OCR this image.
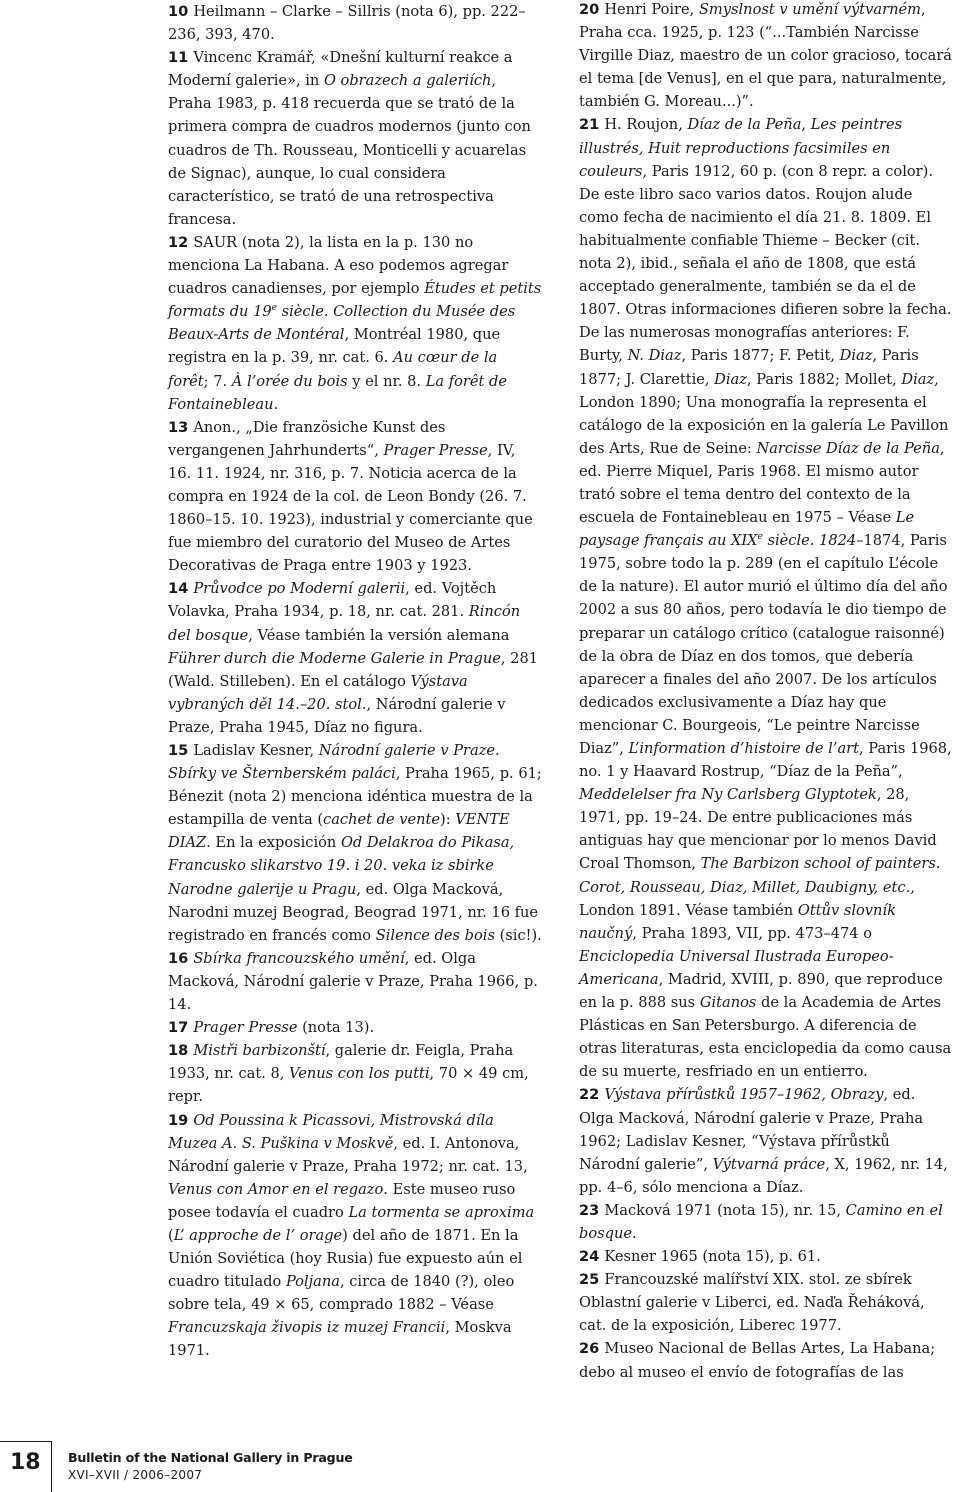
10 Heilmann – Clarke – Sillris (nota 6), pp. 222–236, 393, 470.

11 Vincenc Kramář, «Dnešní kulturní reakce a Moderní galerie», in O obrazech a galeriích, Praha 1983, p. 418 recuerda que se trató de la primera compra de cuadros modernos (junto con cuadros de Th. Rousseau, Monticelli y acuarelas de Signac), aunque, lo cual considera característico, se trató de una retrospectiva francesa.

12 SAUR (nota 2), la lista en la p. 130 no menciona La Habana. A eso podemos agregar cuadros canadienses, por ejemplo Études et petits formats du 19e siècle. Collection du Musée des Beaux-Arts de Montéral, Montréal 1980, que registra en la p. 39, nr. cat. 6. Au cœur de la forêt; 7. À l’orée du bois y el nr. 8. La forêt de Fontainebleau.

13 Anon., „Die französiche Kunst des vergangenen Jahrhunderts“, Prager Presse, IV, 16. 11. 1924, nr. 316, p. 7. Noticia acerca de la compra en 1924 de la col. de Leon Bondy (26. 7. 1860–15. 10. 1923), industrial y comerciante que fue miembro del curatorio del Museo de Artes Decorativas de Praga entre 1903 y 1923.

14 Průvodce po Moderní galerii, ed. Vojtěch Volavka, Praha 1934, p. 18, nr. cat. 281. Rincón del bosque, Véase también la versión alemana Führer durch die Moderne Galerie in Prague, 281 (Wald. Stilleben). En el catálogo Výstava vybraných děl 14.–20. stol., Národní galerie v Praze, Praha 1945, Díaz no figura.

15 Ladislav Kesner, Národní galerie v Praze. Sbírky ve Šternberském paláci, Praha 1965, p. 61; Bénezit (nota 2) menciona idéntica muestra de la estampilla de venta (cachet de vente): VENTE DIAZ. En la exposición Od Delakroa do Pikasa, Francusko slikarstvo 19. i 20. veka iz sbirke Narodne galerije u Pragu, ed. Olga Macková, Narodni muzej Beograd, Beograd 1971, nr. 16 fue registrado en francés como Silence des bois (sic!).

16 Sbírka francouzského umění, ed. Olga Macková, Národní galerie v Praze, Praha 1966, p. 14.

17 Prager Presse (nota 13).

18 Mistři barbizonští, galerie dr. Feigla, Praha 1933, nr. cat. 8, Venus con los putti, 70 × 49 cm, repr.

19 Od Poussina k Picassovi, Mistrovská díla Muzea A. S. Puškina v Moskvě, ed. I. Antonova, Národní galerie v Praze, Praha 1972; nr. cat. 13, Venus con Amor en el regazo. Este museo ruso posee todavía el cuadro La tormenta se aproxima (L’ approche de l’ orage) del año de 1871. En la Unión Soviética (hoy Rusia) fue expuesto aún el cuadro titulado Poljana, circa de 1840 (?), oleo sobre tela, 49 × 65, comprado 1882 – Véase Francuzskaja živopis iz muzej Francii, Moskva 1971.

20 Henri Poire, Smyslnost v umění výtvarném, Praha cca. 1925, p. 123 (“...También Narcisse Virgille Diaz, maestro de un color gracioso, tocará el tema [de Venus], en el que para, naturalmente, también G. Moreau...)”.

21 H. Roujon, Díaz de la Peña, Les peintres illustrés, Huit reproductions facsimiles en couleurs, Paris 1912, 60 p. (con 8 repr. a color). De este libro saco varios datos. Roujon alude como fecha de nacimiento el día 21. 8. 1809. El habitualmente confiable Thieme – Becker (cit. nota 2), ibid., señala el año de 1808, que está acceptado generalmente, también se da el de 1807. Otras informaciones difieren sobre la fecha. De las numerosas monografías anteriores: F. Burty, N. Diaz, Paris 1877; F. Petit, Diaz, Paris 1877; J. Clarettie, Diaz, Paris 1882; Mollet, Diaz, London 1890; Una monografía la representa el catálogo de la exposición en la galería Le Pavillon des Arts, Rue de Seine: Narcisse Díaz de la Peña, ed. Pierre Miquel, Paris 1968. El mismo autor trató sobre el tema dentro del contexto de la escuela de Fontainebleau en 1975 – Véase Le paysage français au XIXe siècle. 1824–1874, Paris 1975, sobre todo la p. 289 (en el capítulo L’école de la nature). El autor murió el último día del año 2002 a sus 80 años, pero todavía le dio tiempo de preparar un catálogo crítico (catalogue raisonné) de la obra de Díaz en dos tomos, que debería aparecer a finales del año 2007. De los artículos dedicados exclusivamente a Díaz hay que mencionar C. Bourgeois, “Le peintre Narcisse Diaz”, L’information d’histoire de l’art, Paris 1968, no. 1 y Haavard Rostrup, “Díaz de la Peña”, Meddelelser fra Ny Carlsberg Glyptotek, 28, 1971, pp. 19–24. De entre publicaciones más antiguas hay que mencionar por lo menos David Croal Thomson, The Barbizon school of painters. Corot, Rousseau, Diaz, Millet, Daubigny, etc., London 1891. Véase también Ottův slovník naučný, Praha 1893, VII, pp. 473–474 o Enciclopedia Universal Ilustrada Europeo-Americana, Madrid, XVIII, p. 890, que reproduce en la p. 888 sus Gitanos de la Academia de Artes Plásticas en San Petersburgo. A diferencia de otras literaturas, esta enciclopedia da como causa de su muerte, resfriado en un entierro.

22 Výstava přírůstků 1957–1962, Obrazy, ed. Olga Macková, Národní galerie v Praze, Praha 1962; Ladislav Kesner, “Výstava přírůstků Národní galerie”, Výtvarná práce, X, 1962, nr. 14, pp. 4–6, sólo menciona a Díaz.

23 Macková 1971 (nota 15), nr. 15, Camino en el bosque.

24 Kesner 1965 (nota 15), p. 61.

25 Francouzské malířství XIX. stol. ze sbírek Oblastní galerie v Liberci, ed. Naďa Řeháková, cat. de la exposición, Liberec 1977.

26 Museo Nacional de Bellas Artes, La Habana; debo al museo el envío de fotografías de las

18 Bulletin of the National Gallery in Prague
XVI–XVII / 2006–2007
